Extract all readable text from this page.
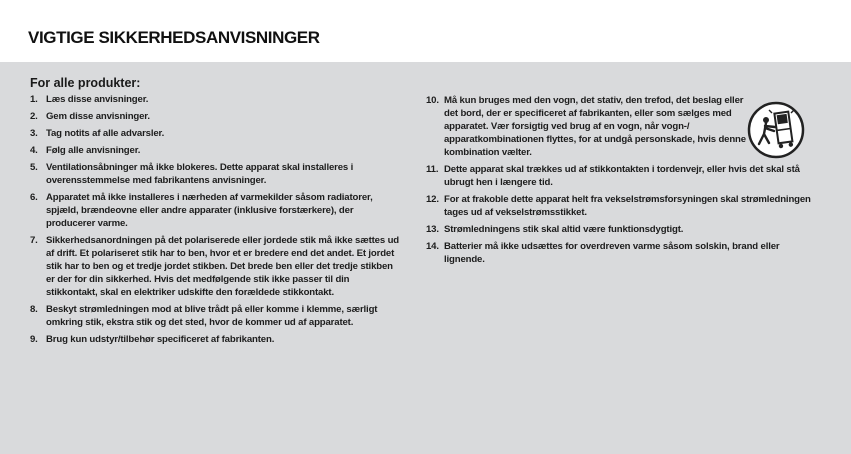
VIGTIGE SIKKERHEDSANVISNINGER
For alle produkter:
1. Læs disse anvisninger.
2. Gem disse anvisninger.
3. Tag notits af alle advarsler.
4. Følg alle anvisninger.
5. Ventilationsåbninger må ikke blokeres. Dette apparat skal installeres i overensstemmelse med fabrikantens anvisninger.
6. Apparatet må ikke installeres i nærheden af varmekilder såsom radiatorer, spjæld, brændeovne eller andre apparater (inklusive forstærkere), der producerer varme.
7. Sikkerhedsanordningen på det polariserede eller jordede stik må ikke sættes ud af drift. Et polariseret stik har to ben, hvor et er bredere end det andet. Et jordet stik har to ben og et tredje jordet stikben. Det brede ben eller det tredje stikben er der for din sikkerhed. Hvis det medfølgende stik ikke passer til din stikkontakt, skal en elektriker udskifte den forældede stikkontakt.
8. Beskyt strømledningen mod at blive trådt på eller komme i klemme, særligt omkring stik, ekstra stik og det sted, hvor de kommer ud af apparatet.
9. Brug kun udstyr/tilbehør specificeret af fabrikanten.
10. Må kun bruges med den vogn, det stativ, den trefod, det beslag eller det bord, der er specificeret af fabrikanten, eller som sælges med apparatet. Vær forsigtig ved brug af en vogn, når vogn-/ apparatkombinationen flyttes, for at undgå personskade, hvis denne kombination vælter.
11. Dette apparat skal trækkes ud af stikkontakten i tordenvejr, eller hvis det skal stå ubrugt hen i længere tid.
12. For at frakoble dette apparat helt fra vekselstrømsforsyningen skal strømledningen tages ud af vekselstrømsstikket.
13. Strømledningens stik skal altid være funktionsdygtigt.
14. Batterier må ikke udsættes for overdreven varme såsom solskin, brand eller lignende.
